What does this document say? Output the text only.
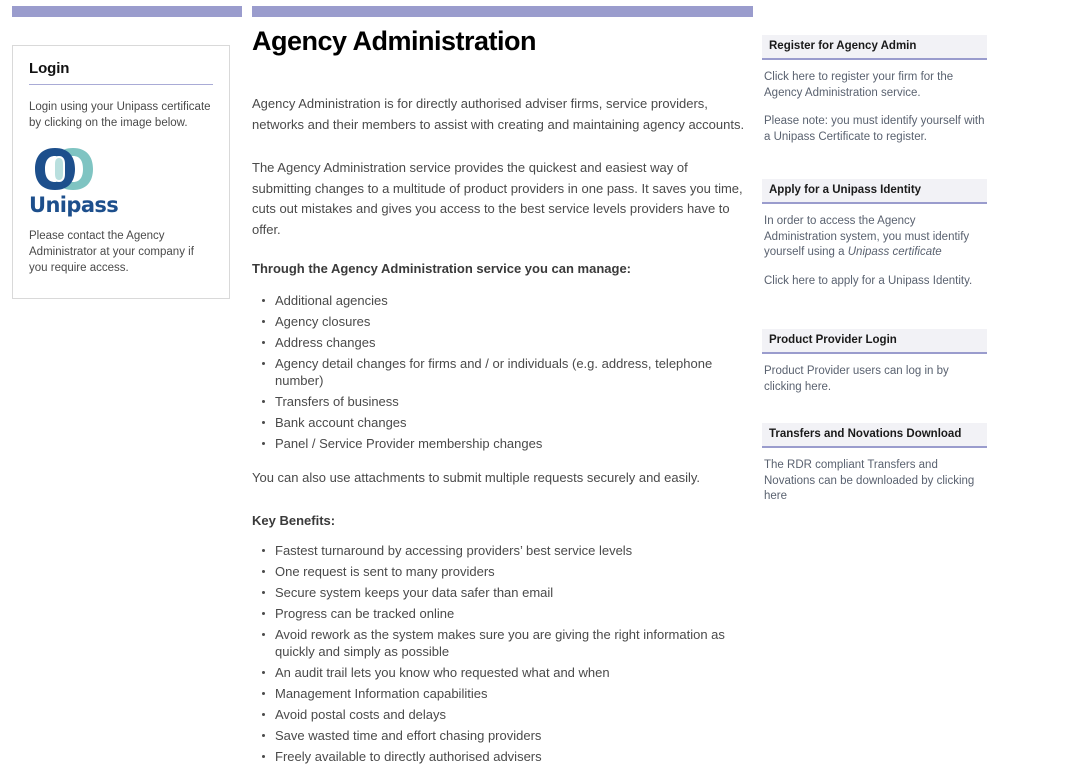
Login

Login using your Unipass certificate by clicking on the image below.

Unipass

Please contact the Agency Administrator at your company if you require access.

Agency Administration

Agency Administration is for directly authorised adviser firms, service providers, networks and their members to assist with creating and maintaining agency accounts.

The Agency Administration service provides the quickest and easiest way of submitting changes to a multitude of product providers in one pass. It saves you time, cuts out mistakes and gives you access to the best service levels providers have to offer.

Through the Agency Administration service you can manage:
Additional agencies
Agency closures
Address changes
Agency detail changes for firms and / or individuals (e.g. address, telephone number)
Transfers of business
Bank account changes
Panel / Service Provider membership changes

You can also use attachments to submit multiple requests securely and easily.

Key Benefits:
Fastest turnaround by accessing providers’ best service levels
One request is sent to many providers
Secure system keeps your data safer than email
Progress can be tracked online
Avoid rework as the system makes sure you are giving the right information as quickly and simply as possible
An audit trail lets you know who requested what and when
Management Information capabilities
Avoid postal costs and delays
Save wasted time and effort chasing providers
Freely available to directly authorised advisers
Register for Agency Admin

Click here to register your firm for the Agency Administration service.

Please note: you must identify yourself with a Unipass Certificate to register.

Apply for a Unipass Identity

In order to access the Agency Administration system, you must identify yourself using a Unipass certificate

Click here to apply for a Unipass Identity.

Product Provider Login

Product Provider users can log in by clicking here.

Transfers and Novations Download

The RDR compliant Transfers and Novations can be downloaded by clicking here
